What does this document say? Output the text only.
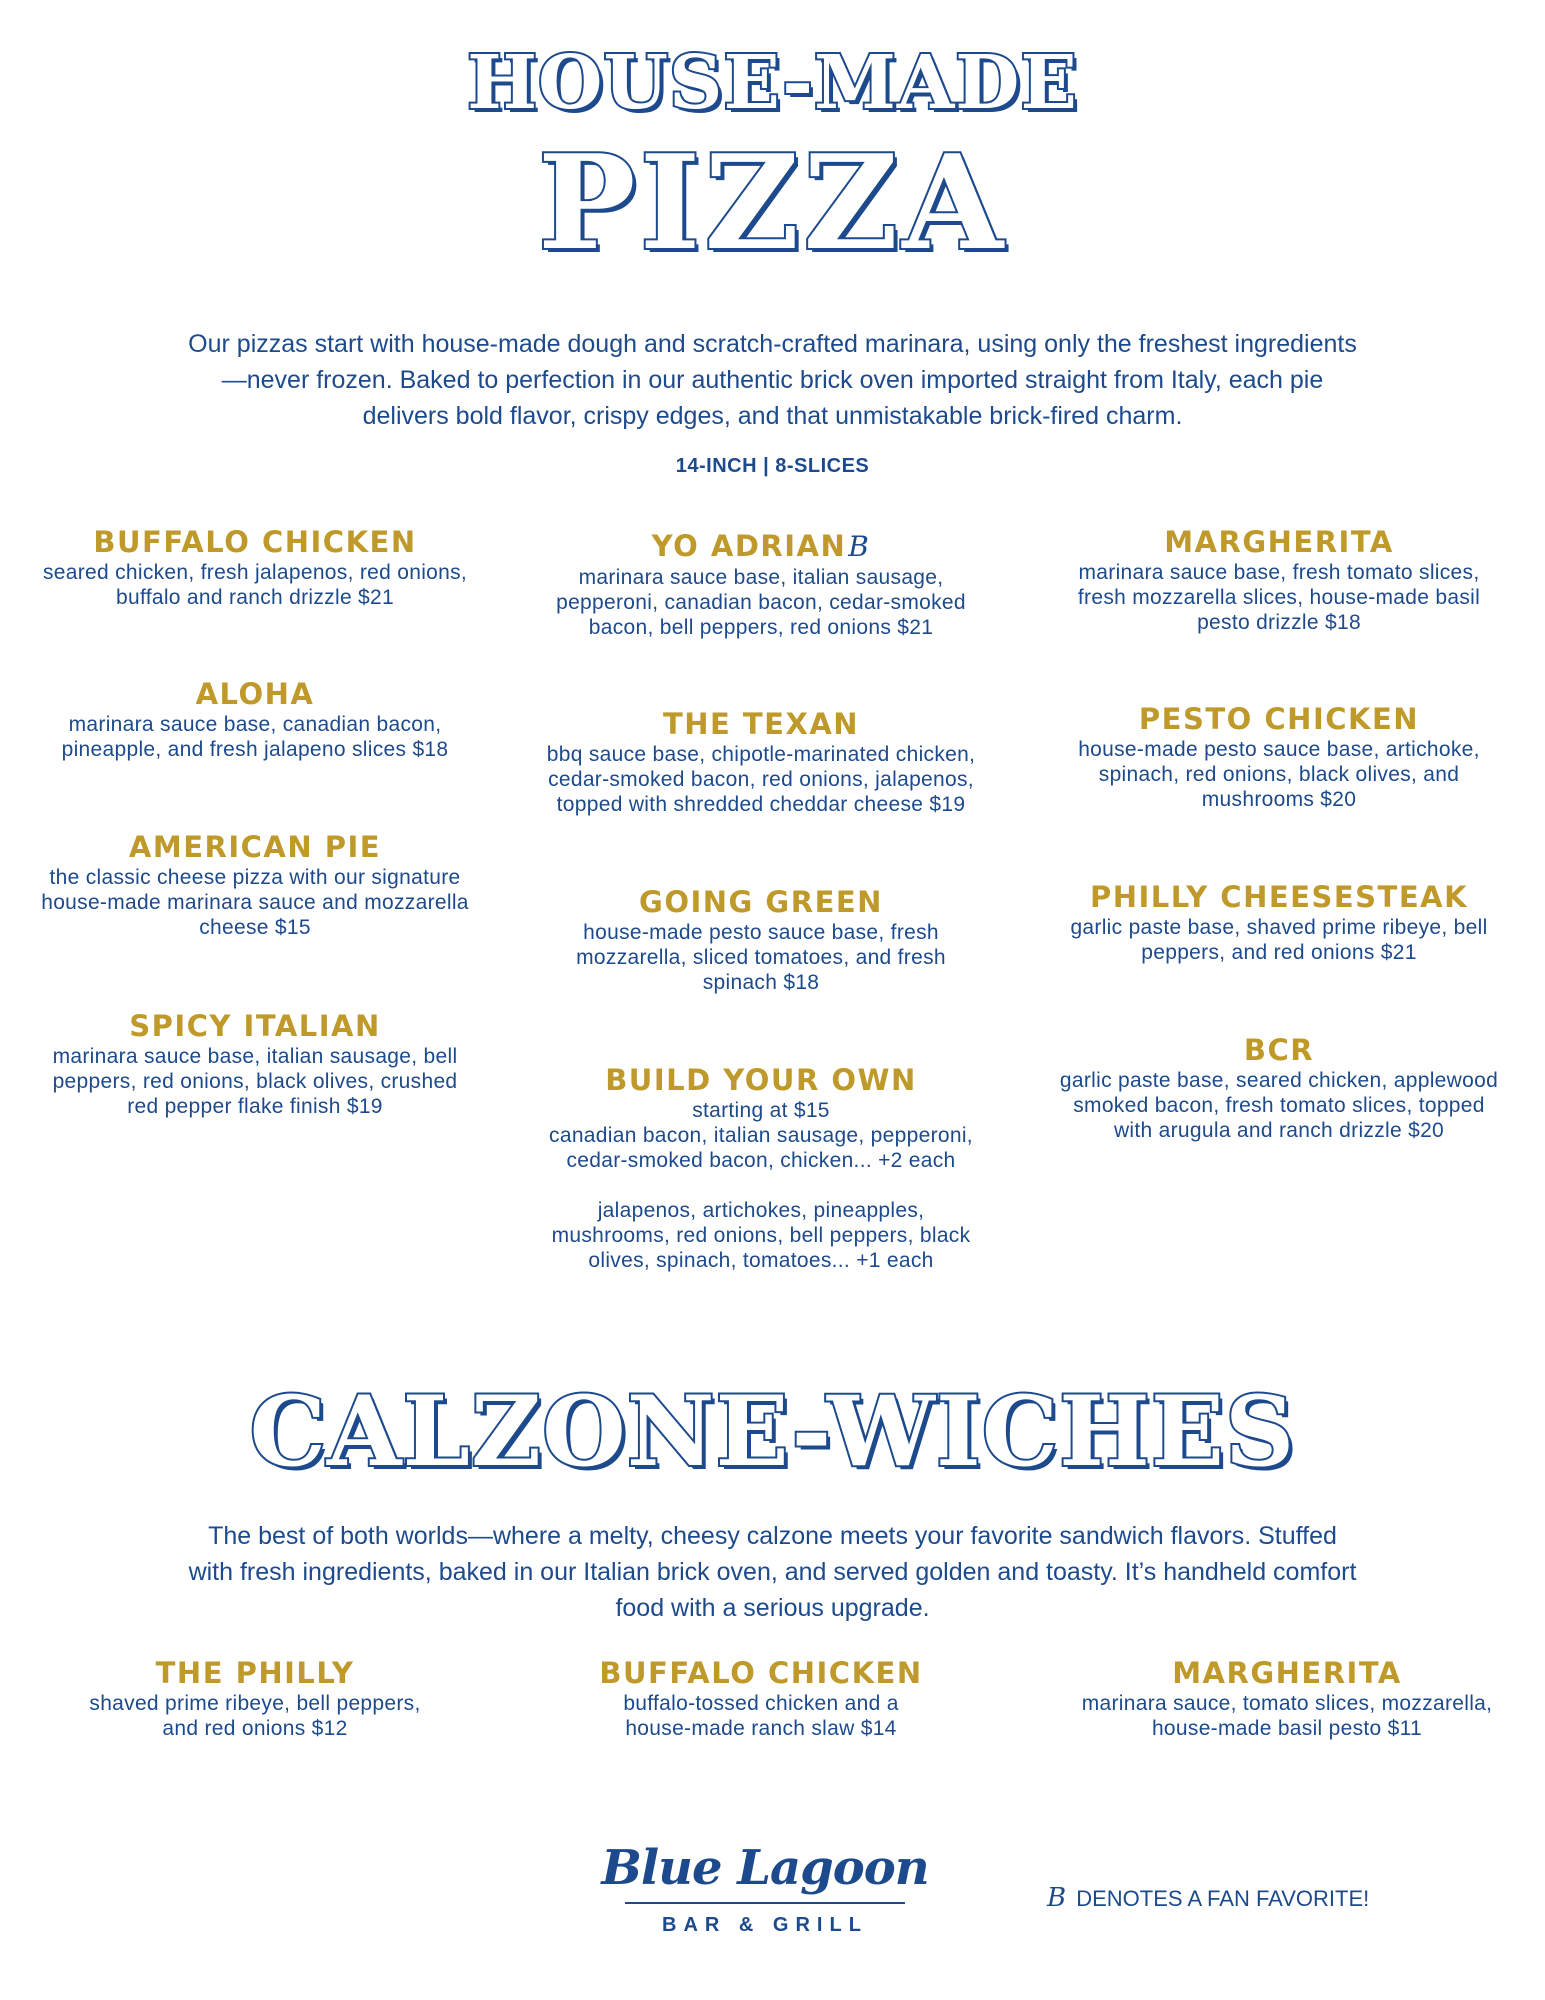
HOUSE-MADE
PIZZA
Our pizzas start with house-made dough and scratch-crafted marinara, using only the freshest ingredients
—never frozen. Baked to perfection in our authentic brick oven imported straight from Italy, each pie
delivers bold flavor, crispy edges, and that unmistakable brick-fired charm.
14-INCH | 8-SLICES
BUFFALO CHICKEN

seared chicken, fresh jalapenos, red onions,

buffalo and ranch drizzle $21

ALOHA

marinara sauce base, canadian bacon,

pineapple, and fresh jalapeno slices $18

AMERICAN PIE

the classic cheese pizza with our signature

house-made marinara sauce and mozzarella

cheese $15

SPICY ITALIAN

marinara sauce base, italian sausage, bell

peppers, red onions, black olives, crushed

red pepper flake finish $19

YO ADRIANB

marinara sauce base, italian sausage,

pepperoni, canadian bacon, cedar-smoked

bacon, bell peppers, red onions $21

THE TEXAN

bbq sauce base, chipotle-marinated chicken,

cedar-smoked bacon, red onions, jalapenos,

topped with shredded cheddar cheese $19

GOING GREEN

house-made pesto sauce base, fresh

mozzarella, sliced tomatoes, and fresh

spinach $18

BUILD YOUR OWN

starting at $15

canadian bacon, italian sausage, pepperoni,

cedar-smoked bacon, chicken... +2 each

jalapenos, artichokes, pineapples,

mushrooms, red onions, bell peppers, black

olives, spinach, tomatoes... +1 each

MARGHERITA

marinara sauce base, fresh tomato slices,

fresh mozzarella slices, house-made basil

pesto drizzle $18

PESTO CHICKEN

house-made pesto sauce base, artichoke,

spinach, red onions, black olives, and

mushrooms $20

PHILLY CHEESESTEAK

garlic paste base, shaved prime ribeye, bell

peppers, and red onions $21

BCR

garlic paste base, seared chicken, applewood

smoked bacon, fresh tomato slices, topped

with arugula and ranch drizzle $20

CALZONE-WICHES
The best of both worlds—where a melty, cheesy calzone meets your favorite sandwich flavors. Stuffed
with fresh ingredients, baked in our Italian brick oven, and served golden and toasty. It’s handheld comfort
food with a serious upgrade.
THE PHILLY

shaved prime ribeye, bell peppers,

and red onions $12

BUFFALO CHICKEN

buffalo-tossed chicken and a

house-made ranch slaw $14

MARGHERITA

marinara sauce, tomato slices, mozzarella,

house-made basil pesto $11

Blue Lagoon
BAR & GRILL
B DENOTES A FAN FAVORITE!
